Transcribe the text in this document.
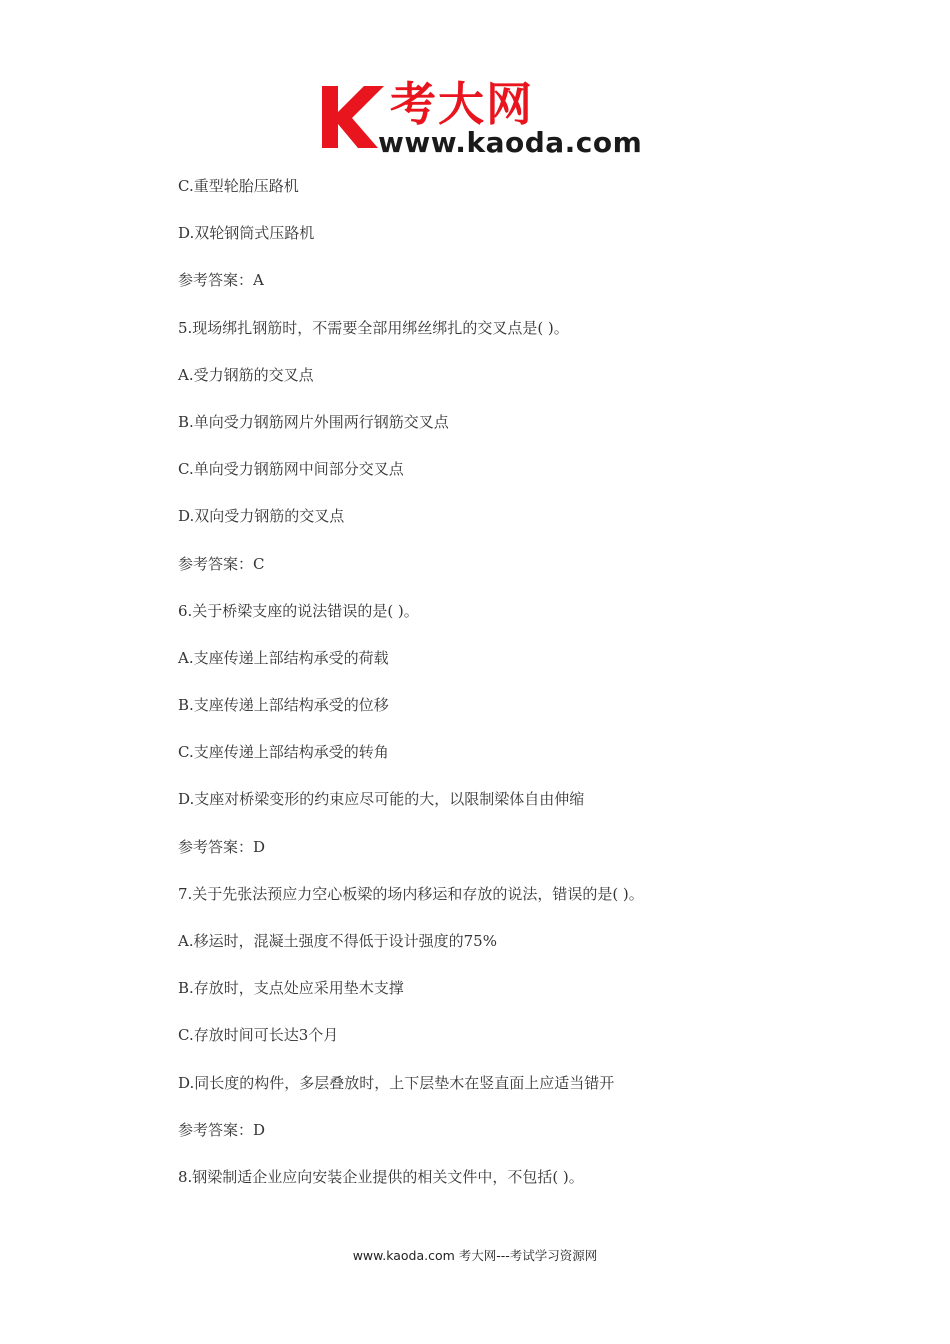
考大网
www.kaoda.com
C.重型轮胎压路机
D.双轮钢筒式压路机
参考答案：A
5.现场绑扎钢筋时，不需要全部用绑丝绑扎的交叉点是( )。
A.受力钢筋的交叉点
B.单向受力钢筋网片外围两行钢筋交叉点
C.单向受力钢筋网中间部分交叉点
D.双向受力钢筋的交叉点
参考答案：C
6.关于桥梁支座的说法错误的是( )。
A.支座传递上部结构承受的荷载
B.支座传递上部结构承受的位移
C.支座传递上部结构承受的转角
D.支座对桥梁变形的约束应尽可能的大，以限制梁体自由伸缩
参考答案：D
7.关于先张法预应力空心板梁的场内移运和存放的说法，错误的是( )。
A.移运时，混凝土强度不得低于设计强度的75%
B.存放时，支点处应采用垫木支撑
C.存放时间可长达3个月
D.同长度的构件，多层叠放时，上下层垫木在竖直面上应适当错开
参考答案：D
8.钢梁制适企业应向安装企业提供的相关文件中，不包括( )。
www.kaoda.com 考大网---考试学习资源网
